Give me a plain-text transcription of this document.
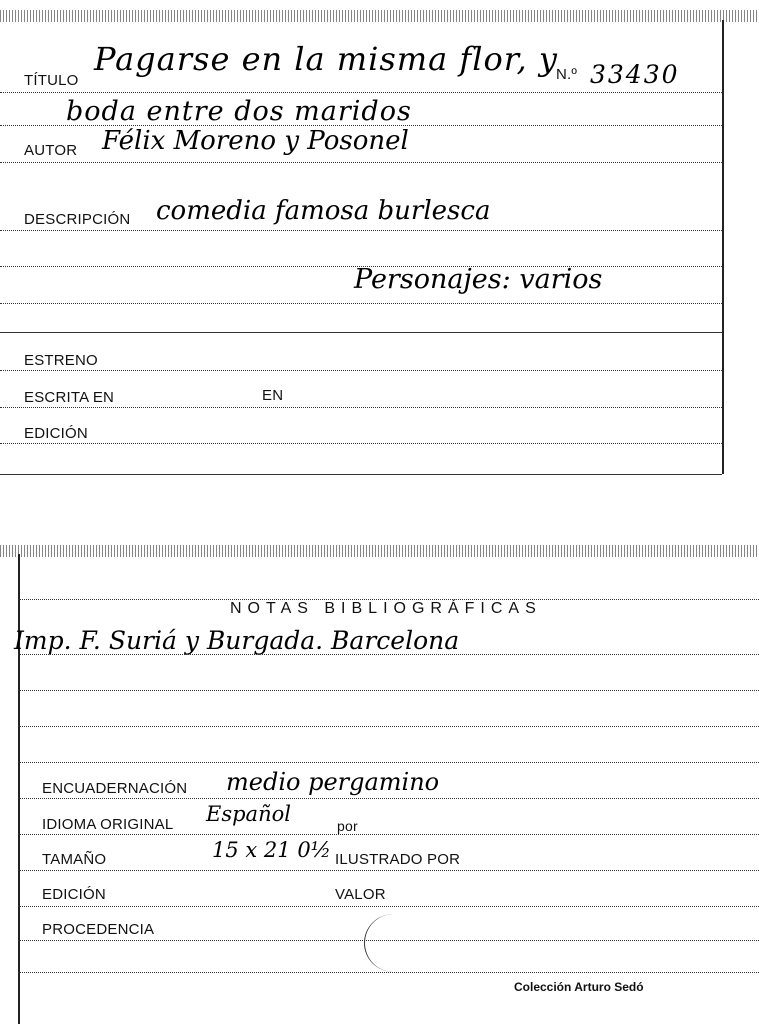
TÍTULO
Pagarse en la misma flor, y
N.º 33430
boda entre dos maridos
AUTOR Félix Moreno y Posonel
DESCRIPCIÓN comedia famosa burlesca
Personajes: varios
ESTRENO
ESCRITA EN	EN
EDICIÓN
NOTAS BIBLIOGRÁFICAS
Imp. F. Suriá y Burgada. Barcelona
ENCUADERNACIÓN medio pergamino
IDIOMA ORIGINAL Español	por
TAMAÑO	15 x 21 0½ ILUSTRADO POR
EDICIÓN	VALOR
PROCEDENCIA
Colección Arturo Sedó
